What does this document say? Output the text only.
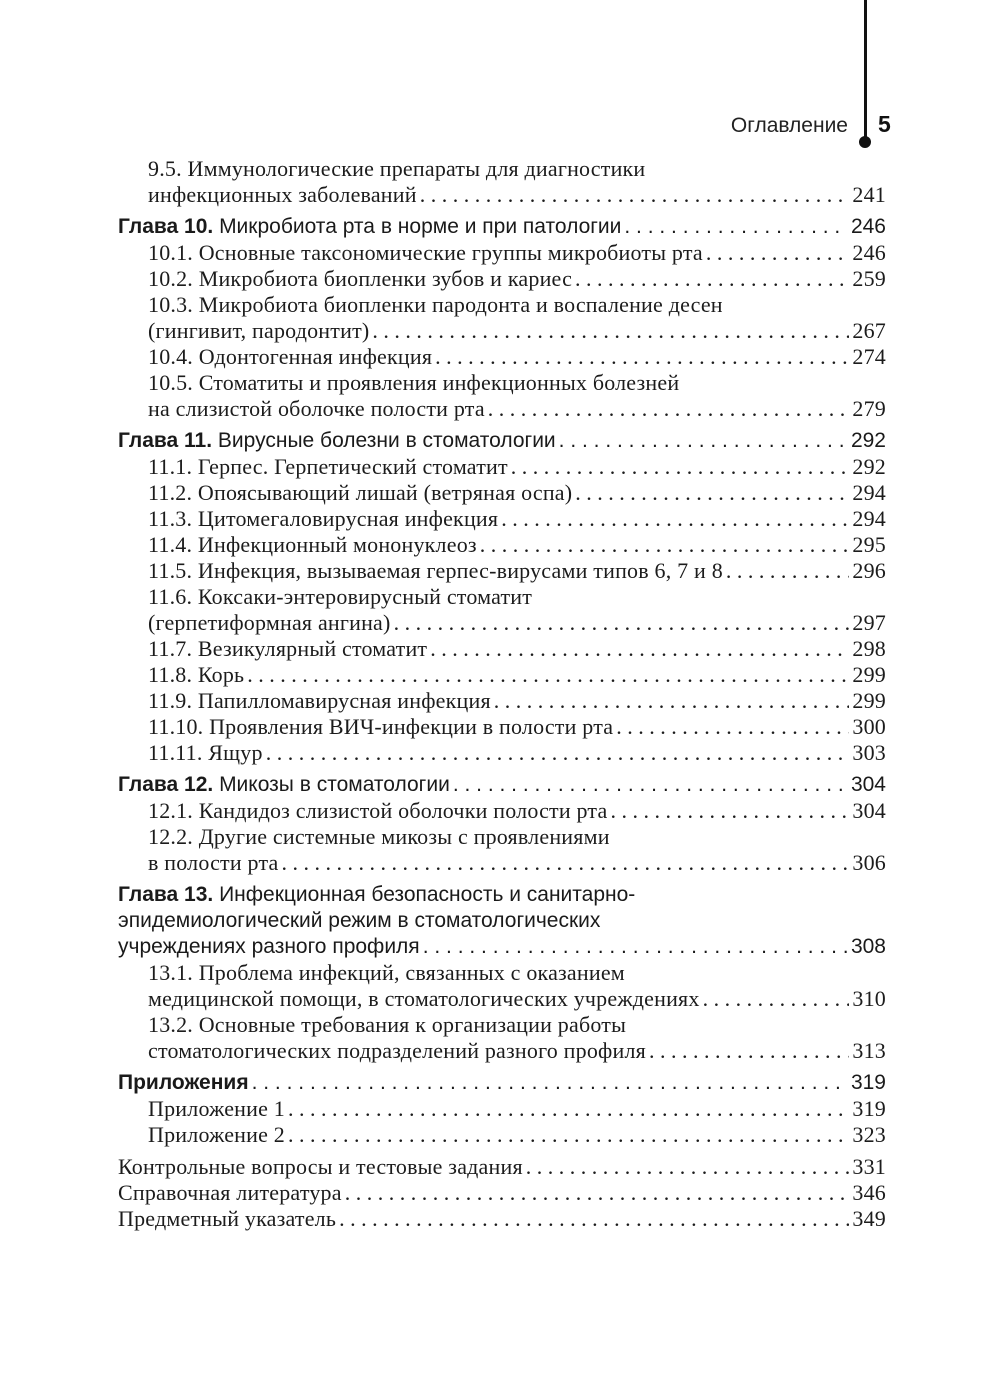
Оглавление 5
9.5. Иммунологические препараты для диагностики
инфекционных заболеваний . . .	241
Глава 10.
Микробиота рта в норме и при патологии . . .	246
10.1. Основные таксономические группы микробиоты рта . . .	246
10.2. Микробиота биопленки зубов и кариес . . .	259
10.3. Микробиота биопленки пародонта и воспаление десен
(гингивит, пародонтит) . . .	267
10.4. Одонтогенная инфекция . . .	274
10.5. Стоматиты и проявления инфекционных болезней
на слизистой оболочке полости рта . . .	279
Глава 11.
Вирусные болезни в стоматологии . . .	292
11.1. Герпес. Герпетический стоматит . . .	292
11.2. Опоясывающий лишай (ветряная оспа) . . .	294
11.3. Цитомегаловирусная инфекция . . .	294
11.4. Инфекционный мононуклеоз . . .	295
11.5. Инфекция, вызываемая герпес-вирусами типов 6, 7 и 8 . . .	296
11.6. Коксаки-энтеровирусный стоматит
(герпетиформная ангина) . . .	297
11.7. Везикулярный стоматит . . .	298
11.8. Корь . . .	299
11.9. Папилломавирусная инфекция . . .	299
11.10. Проявления ВИЧ-инфекции в полости рта . . .	300
11.11. Ящур . . .	303
Глава 12.
Микозы в стоматологии . . .	304
12.1. Кандидоз слизистой оболочки полости рта . . .	304
12.2. Другие системные микозы с проявлениями
в полости рта . . .	306
Глава 13.
Инфекционная безопасность и санитарно-
эпидемиологический режим в стоматологических
учреждениях разного профиля . . .	308
13.1. Проблема инфекций, связанных с оказанием
медицинской помощи, в стоматологических учреждениях . . .	310
13.2. Основные требования к организации работы
стоматологических подразделений разного профиля . . .	313
Приложения . . .	319
Приложение 1 . . .	319
Приложение 2 . . .	323
Контрольные вопросы и тестовые задания . . .	331
Справочная литература . . .	346
Предметный указатель . . .	349
